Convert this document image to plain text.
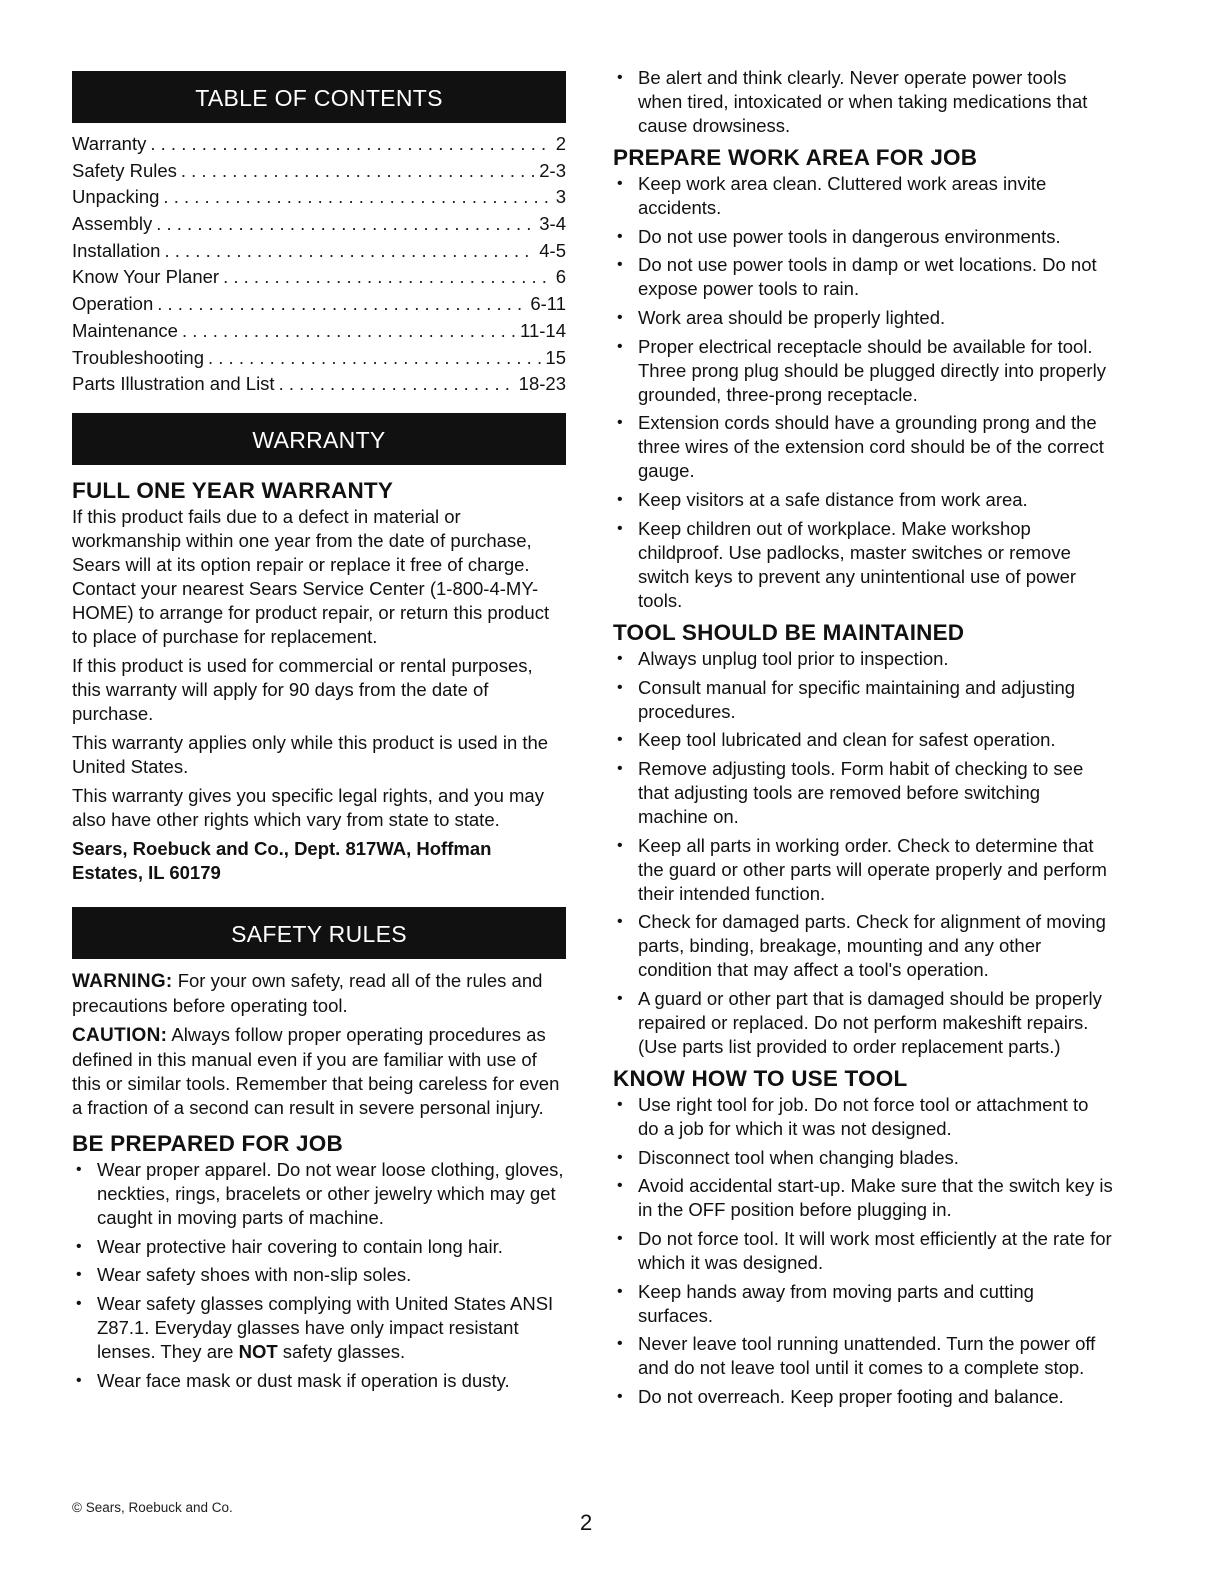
TABLE OF CONTENTS
Warranty . . .	2
Safety Rules . . .	2-3
Unpacking . . .	3
Assembly . . .	3-4
Installation . . .	4-5
Know Your Planer . . .	6
Operation . . .	6-11
Maintenance . . .	11-14
Troubleshooting . . .	15
Parts Illustration and List . . .	18-23
WARRANTY
FULL ONE YEAR WARRANTY

If this product fails due to a defect in material or workmanship within one year from the date of purchase, Sears will at its option repair or replace it free of charge. Contact your nearest Sears Service Center (1-800-4-MY-HOME) to arrange for product repair, or return this product to place of purchase for replacement.

If this product is used for commercial or rental purposes, this warranty will apply for 90 days from the date of purchase.

This warranty applies only while this product is used in the United States.

This warranty gives you specific legal rights, and you may also have other rights which vary from state to state.

Sears, Roebuck and Co., Dept. 817WA, Hoffman Estates, IL 60179

SAFETY RULES

WARNING: For your own safety, read all of the rules and precautions before operating tool.

CAUTION: Always follow proper operating procedures as defined in this manual even if you are familiar with use of this or similar tools. Remember that being careless for even a fraction of a second can result in severe personal injury.

BE PREPARED FOR JOB
• Wear proper apparel. Do not wear loose clothing, gloves, neckties, rings, bracelets or other jewelry which may get caught in moving parts of machine.
• Wear protective hair covering to contain long hair.
• Wear safety shoes with non-slip soles.
• Wear safety glasses complying with United States ANSI Z87.1. Everyday glasses have only impact resistant lenses. They are NOT safety glasses.
• Wear face mask or dust mask if operation is dusty.
• Be alert and think clearly. Never operate power tools when tired, intoxicated or when taking medications that cause drowsiness.
PREPARE WORK AREA FOR JOB
• Keep work area clean. Cluttered work areas invite accidents.
• Do not use power tools in dangerous environments.
• Do not use power tools in damp or wet locations. Do not expose power tools to rain.
• Work area should be properly lighted.
• Proper electrical receptacle should be available for tool. Three prong plug should be plugged directly into properly grounded, three-prong receptacle.
• Extension cords should have a grounding prong and the three wires of the extension cord should be of the correct gauge.
• Keep visitors at a safe distance from work area.
• Keep children out of workplace. Make workshop childproof. Use padlocks, master switches or remove switch keys to prevent any unintentional use of power tools.
TOOL SHOULD BE MAINTAINED
• Always unplug tool prior to inspection.
• Consult manual for specific maintaining and adjusting procedures.
• Keep tool lubricated and clean for safest operation.
• Remove adjusting tools. Form habit of checking to see that adjusting tools are removed before switching machine on.
• Keep all parts in working order. Check to determine that the guard or other parts will operate properly and perform their intended function.
• Check for damaged parts. Check for alignment of moving parts, binding, breakage, mounting and any other condition that may affect a tool's operation.
• A guard or other part that is damaged should be properly repaired or replaced. Do not perform makeshift repairs. (Use parts list provided to order replacement parts.)
KNOW HOW TO USE TOOL
• Use right tool for job. Do not force tool or attachment to do a job for which it was not designed.
• Disconnect tool when changing blades.
• Avoid accidental start-up. Make sure that the switch key is in the OFF position before plugging in.
• Do not force tool. It will work most efficiently at the rate for which it was designed.
• Keep hands away from moving parts and cutting surfaces.
• Never leave tool running unattended. Turn the power off and do not leave tool until it comes to a complete stop.
• Do not overreach. Keep proper footing and balance.
© Sears, Roebuck and Co.
2
